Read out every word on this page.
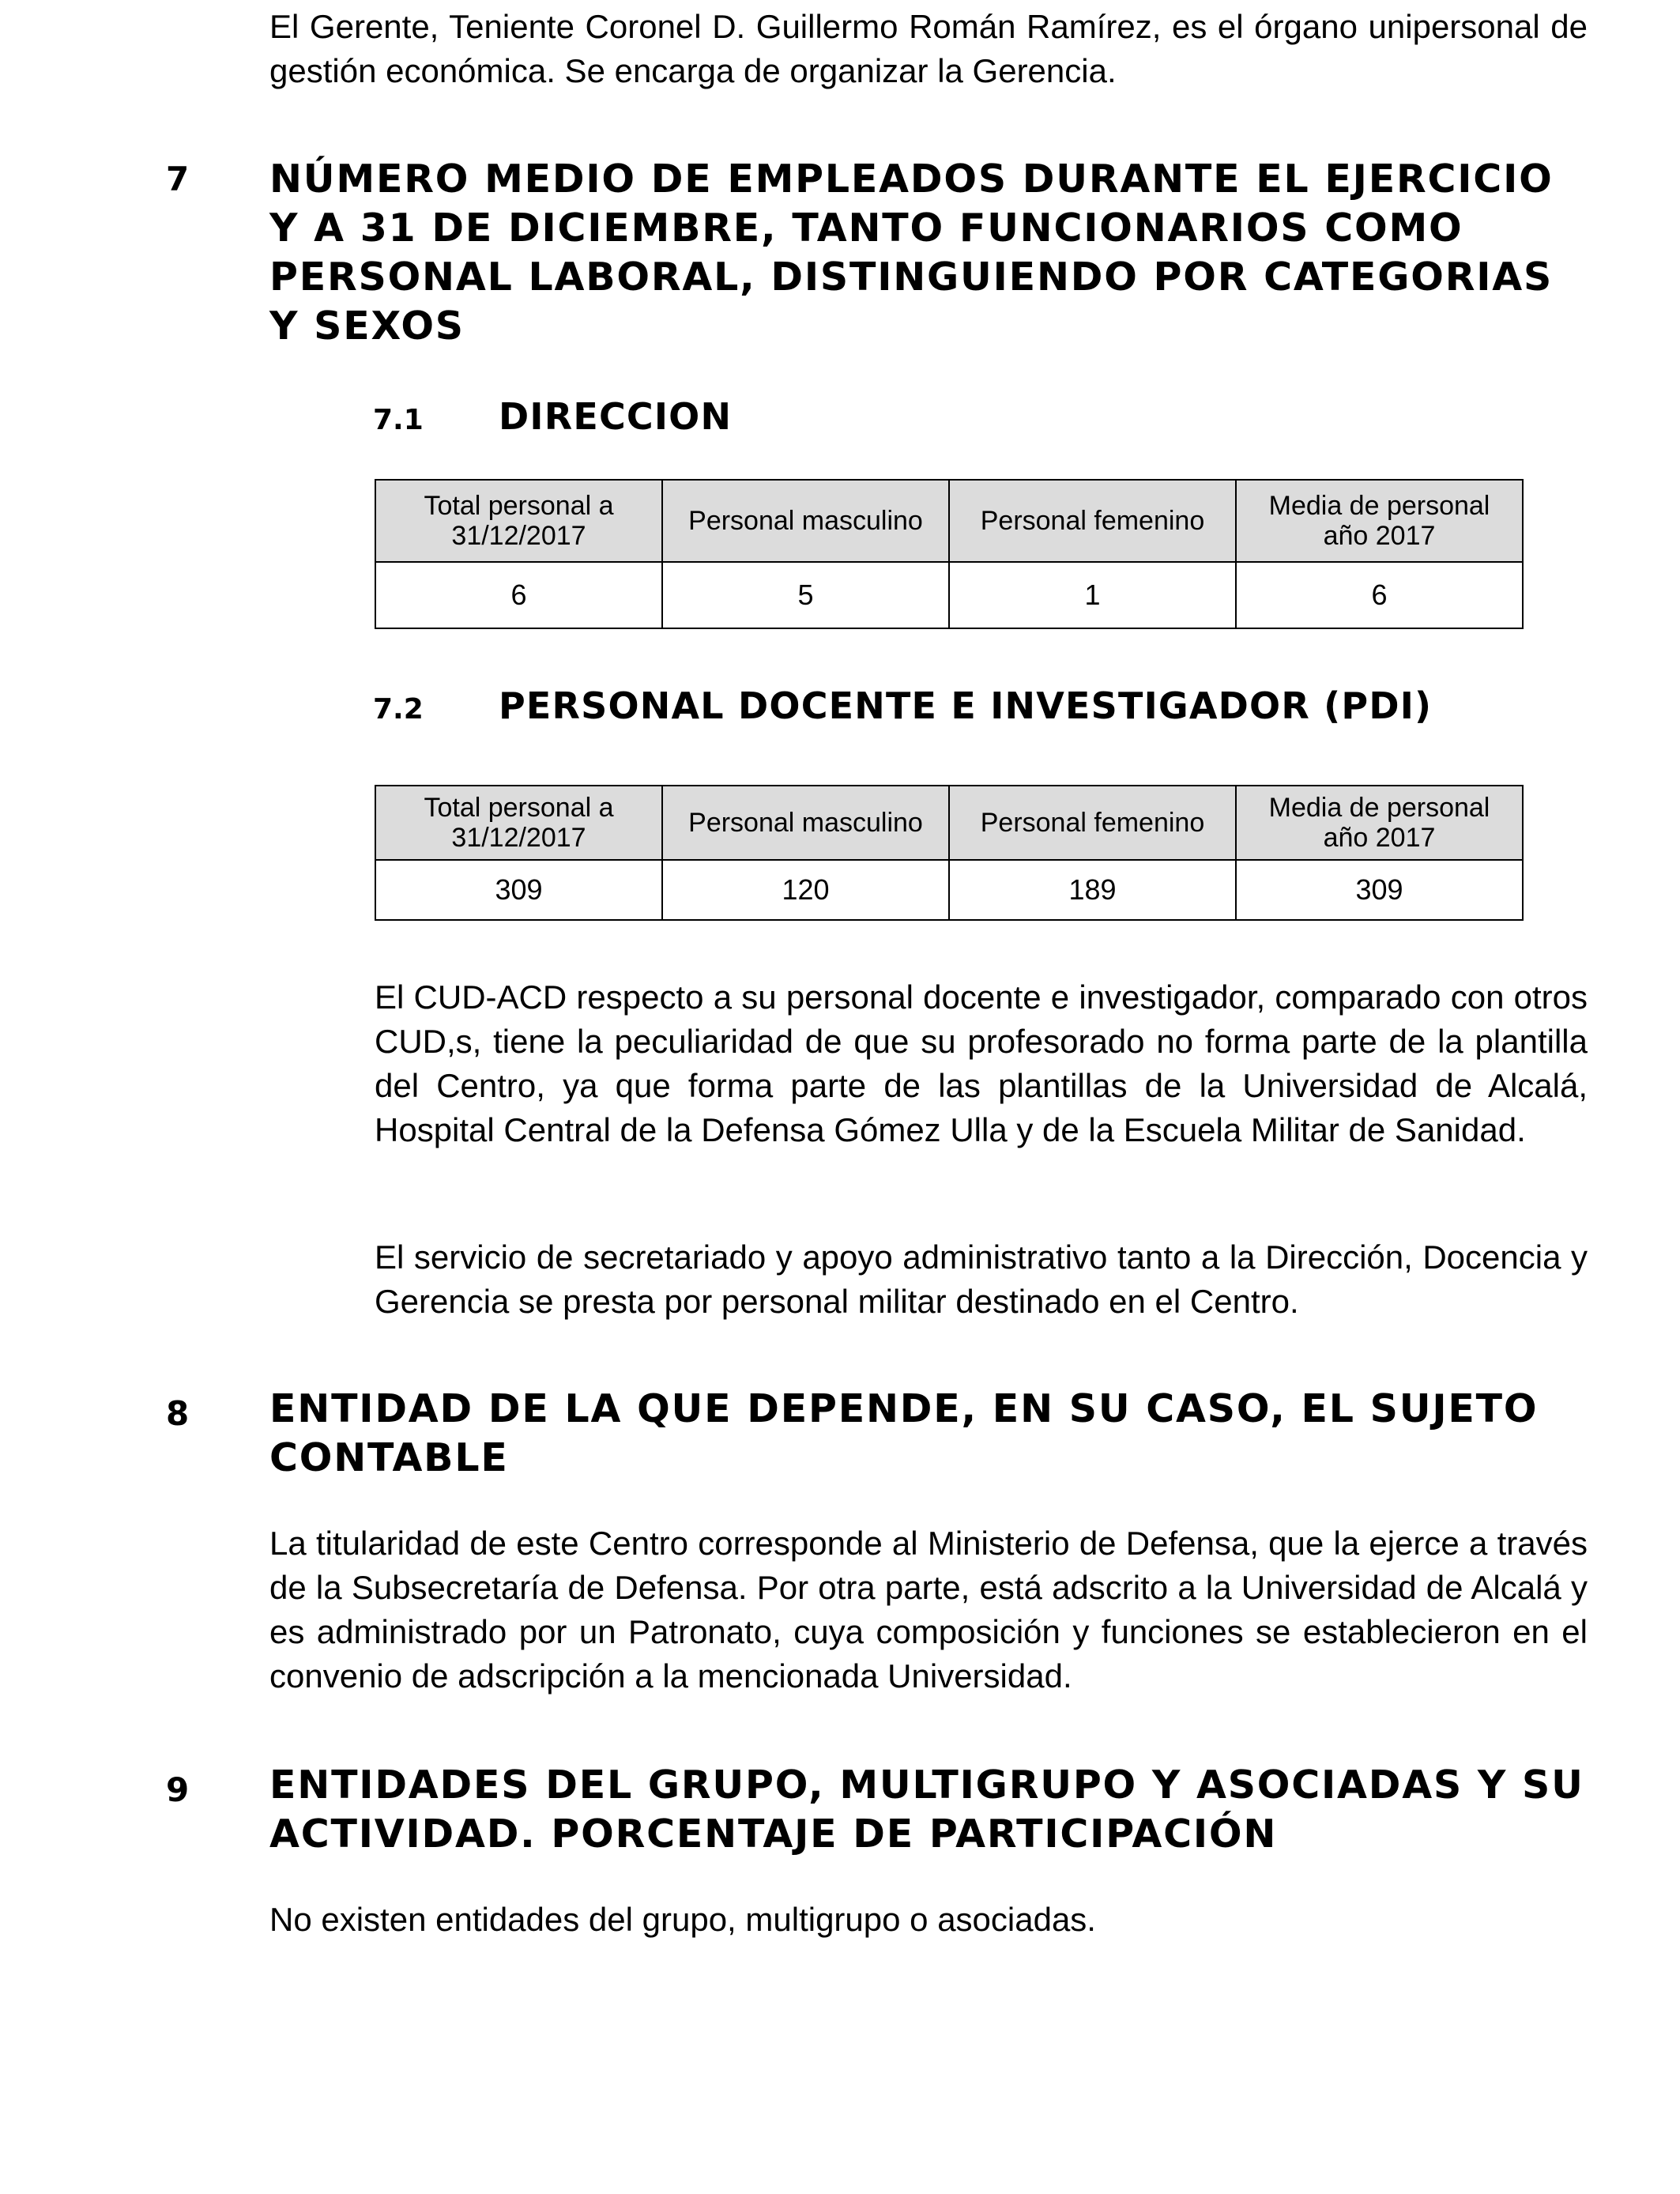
El Gerente, Teniente Coronel D. Guillermo Román Ramírez, es el órgano unipersonal de gestión económica. Se encarga de organizar la Gerencia.

7 NÚMERO MEDIO DE EMPLEADOS DURANTE EL EJERCICIO Y A 31 DE DICIEMBRE, TANTO FUNCIONARIOS COMO PERSONAL LABORAL, DISTINGUIENDO POR CATEGORIAS Y SEXOS
7.1 DIRECCION
Total personal a 31/12/2017	Personal masculino	Personal femenino	Media de personal año 2017
6	5	1	6
7.2 PERSONAL DOCENTE E INVESTIGADOR (PDI)
Total personal a 31/12/2017	Personal masculino	Personal femenino	Media de personal año 2017
309	120	189	309

El CUD-ACD respecto a su personal docente e investigador, comparado con otros CUD,s, tiene la peculiaridad de que su profesorado no forma parte de la plantilla del Centro, ya que forma parte de las plantillas de la Universidad de Alcalá, Hospital Central de la Defensa Gómez Ulla y de la Escuela Militar de Sanidad.

El servicio de secretariado y apoyo administrativo tanto a la Dirección, Docencia y Gerencia se presta por personal militar destinado en el Centro.

8 ENTIDAD DE LA QUE DEPENDE, EN SU CASO, EL SUJETO CONTABLE

La titularidad de este Centro corresponde al Ministerio de Defensa, que la ejerce a través de la Subsecretaría de Defensa. Por otra parte, está adscrito a la Universidad de Alcalá y es administrado por un Patronato, cuya composición y funciones se establecieron en el convenio de adscripción a la mencionada Universidad.

9 ENTIDADES DEL GRUPO, MULTIGRUPO Y ASOCIADAS Y SU ACTIVIDAD. PORCENTAJE DE PARTICIPACIÓN

No existen entidades del grupo, multigrupo o asociadas.
